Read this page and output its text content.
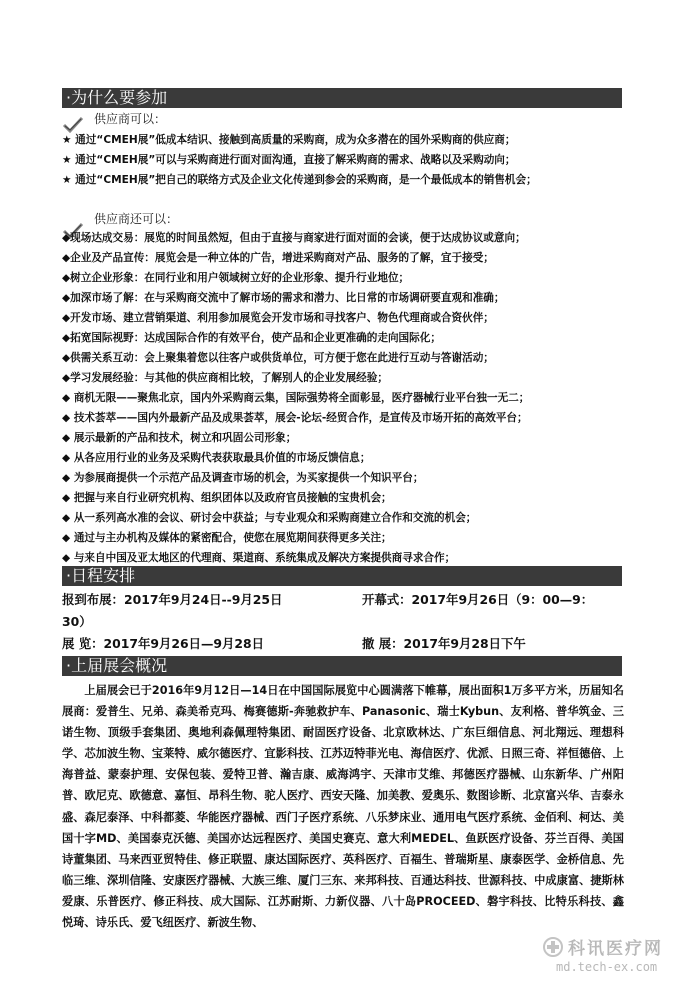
·为什么要参加
供应商可以：
★ 通过“CMEH展”低成本结识、接触到高质量的采购商，成为众多潜在的国外采购商的供应商；
★ 通过“CMEH展”可以与采购商进行面对面沟通，直接了解采购商的需求、战略以及采购动向；
★ 通过“CMEH展”把自己的联络方式及企业文化传递到参会的采购商，是一个最低成本的销售机会；
供应商还可以：
◆现场达成交易：展览的时间虽然短，但由于直接与商家进行面对面的会谈，便于达成协议或意向；
◆企业及产品宣传：展览会是一种立体的广告，增进采购商对产品、服务的了解，宜于接受；
◆树立企业形象：在同行业和用户领域树立好的企业形象、提升行业地位；
◆加深市场了解：在与采购商交流中了解市场的需求和潜力、比日常的市场调研要直观和准确；
◆开发市场、建立营销渠道、利用参加展览会开发市场和寻找客户、物色代理商或合资伙伴；
◆拓宽国际视野：达成国际合作的有效平台，使产品和企业更准确的走向国际化；
◆供需关系互动：会上聚集着您以往客户或供货单位，可方便于您在此进行互动与答谢活动；
◆学习发展经验：与其他的供应商相比较，了解别人的企业发展经验；
◆ 商机无限——聚焦北京，国内外采购商云集，国际强势将全面彰显，医疗器械行业平台独一无二；
◆ 技术荟萃——国内外最新产品及成果荟萃，展会-论坛-经贸合作，是宣传及市场开拓的高效平台；
◆ 展示最新的产品和技术，树立和巩固公司形象；
◆ 从各应用行业的业务及采购代表获取最具价值的市场反馈信息；
◆ 为参展商提供一个示范产品及调查市场的机会，为买家提供一个知识平台；
◆ 把握与来自行业研究机构、组织团体以及政府官员接触的宝贵机会；
◆ 从一系列高水准的会议、研讨会中获益；与专业观众和采购商建立合作和交流的机会；
◆ 通过与主办机构及媒体的紧密配合，使您在展览期间获得更多关注；
◆ 与来自中国及亚太地区的代理商、渠道商、系统集成及解决方案提供商寻求合作；
·日程安排
报到布展：2017年9月24日--9月25日	开幕式：2017年9月26日（9：00—9：
30）
展 览：2017年9月26日—9月28日	撤 展：2017年9月28日下午
·上届展会概况
上届展会已于2016年9月12日—14日在中国国际展览中心圆满落下帷幕，展出面积1万多平方米，历届知名展商：爱普生、兄弟、森美希克玛、梅赛德斯-奔驰救护车、Panasonic、瑞士Kybun、友利格、普华筑金、三诺生物、顶级手套集团、奥地利森佩理特集团、耐固医疗设备、北京欧林达、广东巨细信息、河北翔远、理想科学、芯加波生物、宝莱特、威尔德医疗、宜影科技、江苏迈特菲光电、海信医疗、优派、日照三奇、祥恒德倍、上海普益、蒙泰护理、安保包装、爱特卫普、瀚吉康、威海鸿宇、天津市艾维、邦德医疗器械、山东新华、广州阳普、欧尼克、欧德意、嘉恒、昂科生物、驼人医疗、西安天隆、加美教、爱奥乐、数图诊断、北京富兴华、吉泰永盛、森尼泰泽、中科都菱、华能医疗器械、西门子医疗系统、八乐梦床业、通用电气医疗系统、金佰利、柯达、美国十字MD、美国泰克沃德、美国亦达远程医疗、美国史赛克、意大利MEDEL、鱼跃医疗设备、芬兰百得、美国诗董集团、马来西亚贸特佳、修正联盟、康达国际医疗、英科医疗、百福生、普瑞斯星、康泰医学、金桥信息、先临三维、深圳信隆、安康医疗器械、大族三维、厦门三东、来邦科技、百通达科技、世源科技、中成康富、捷斯林爱康、乐普医疗、修正科技、成大国际、江苏耐斯、力新仪器、八十岛PROCEED、磐宇科技、比特乐科技、鑫悦琦、诗乐氏、爱飞纽医疗、新波生物、
科讯医疗网
md.tech-ex.com
